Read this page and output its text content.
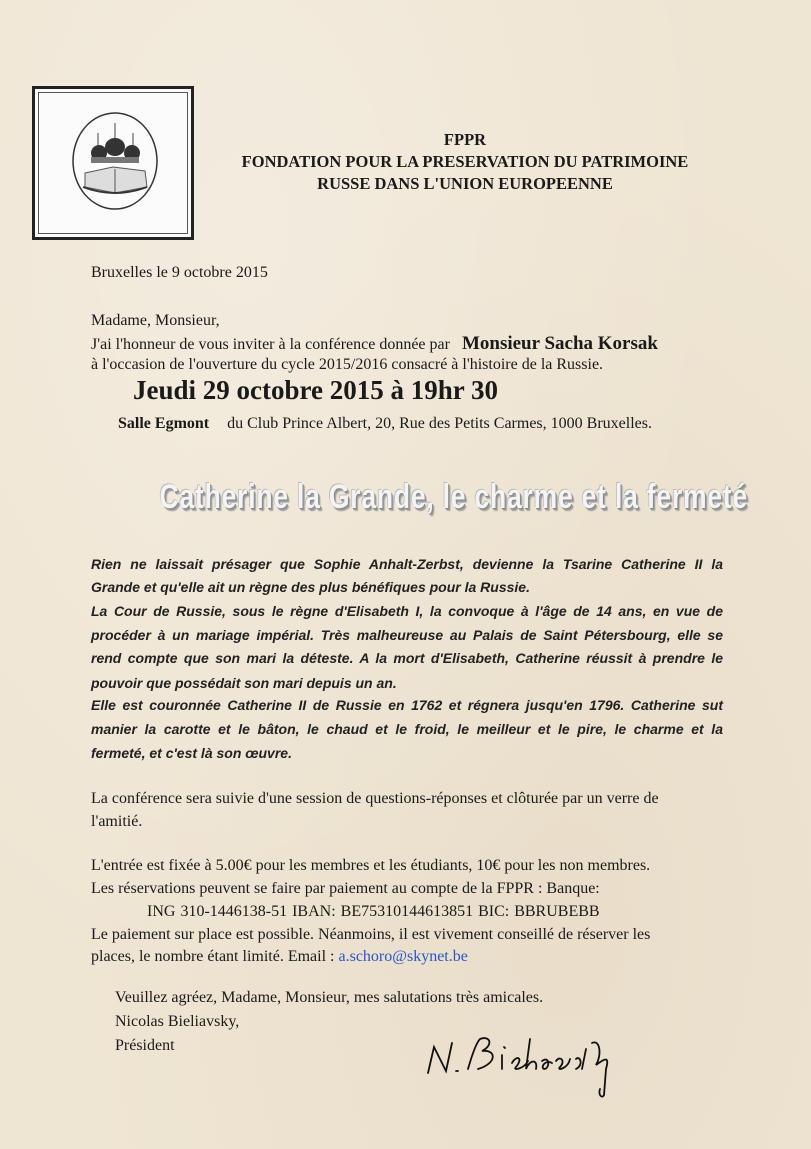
FPPR
FONDATION POUR LA PRESERVATION DU PATRIMOINE
RUSSE DANS L'UNION EUROPEENNE
Bruxelles le 9 octobre 2015
Madame, Monsieur,
J'ai l'honneur de vous inviter à la conférence donnée par Monsieur Sacha Korsak
à l'occasion de l'ouverture du cycle 2015/2016 consacré à l'histoire de la Russie.
Jeudi 29 octobre 2015 à 19hr 30
Salle Egmont du Club Prince Albert, 20, Rue des Petits Carmes, 1000 Bruxelles.
Catherine la Grande, le charme et la fermeté
Rien ne laissait présager que Sophie Anhalt-Zerbst, devienne la Tsarine Catherine II la
Grande et qu'elle ait un règne des plus bénéfiques pour la Russie.
La Cour de Russie, sous le règne d'Elisabeth I, la convoque à l'âge de 14 ans, en vue de
procéder à un mariage impérial. Très malheureuse au Palais de Saint Pétersbourg, elle se
rend compte que son mari la déteste. A la mort d'Elisabeth, Catherine réussit à prendre le
pouvoir que possédait son mari depuis un an.
Elle est couronnée Catherine II de Russie en 1762 et régnera jusqu'en 1796. Catherine sut
manier la carotte et le bâton, le chaud et le froid, le meilleur et le pire, le charme et la
fermeté, et c'est là son œuvre.
La conférence sera suivie d'une session de questions-réponses et clôturée par un verre de
l'amitié.
L'entrée est fixée à 5.00€ pour les membres et les étudiants, 10€ pour les non membres.
Les réservations peuvent se faire par paiement au compte de la FPPR : Banque:
ING 310-1446138-51 IBAN: BE75310144613851 BIC: BBRUBEBB
Le paiement sur place est possible. Néanmoins, il est vivement conseillé de réserver les
places, le nombre étant limité. Email : a.schoro@skynet.be
Veuillez agréez, Madame, Monsieur, mes salutations très amicales.
Nicolas Bieliavsky,
Président
